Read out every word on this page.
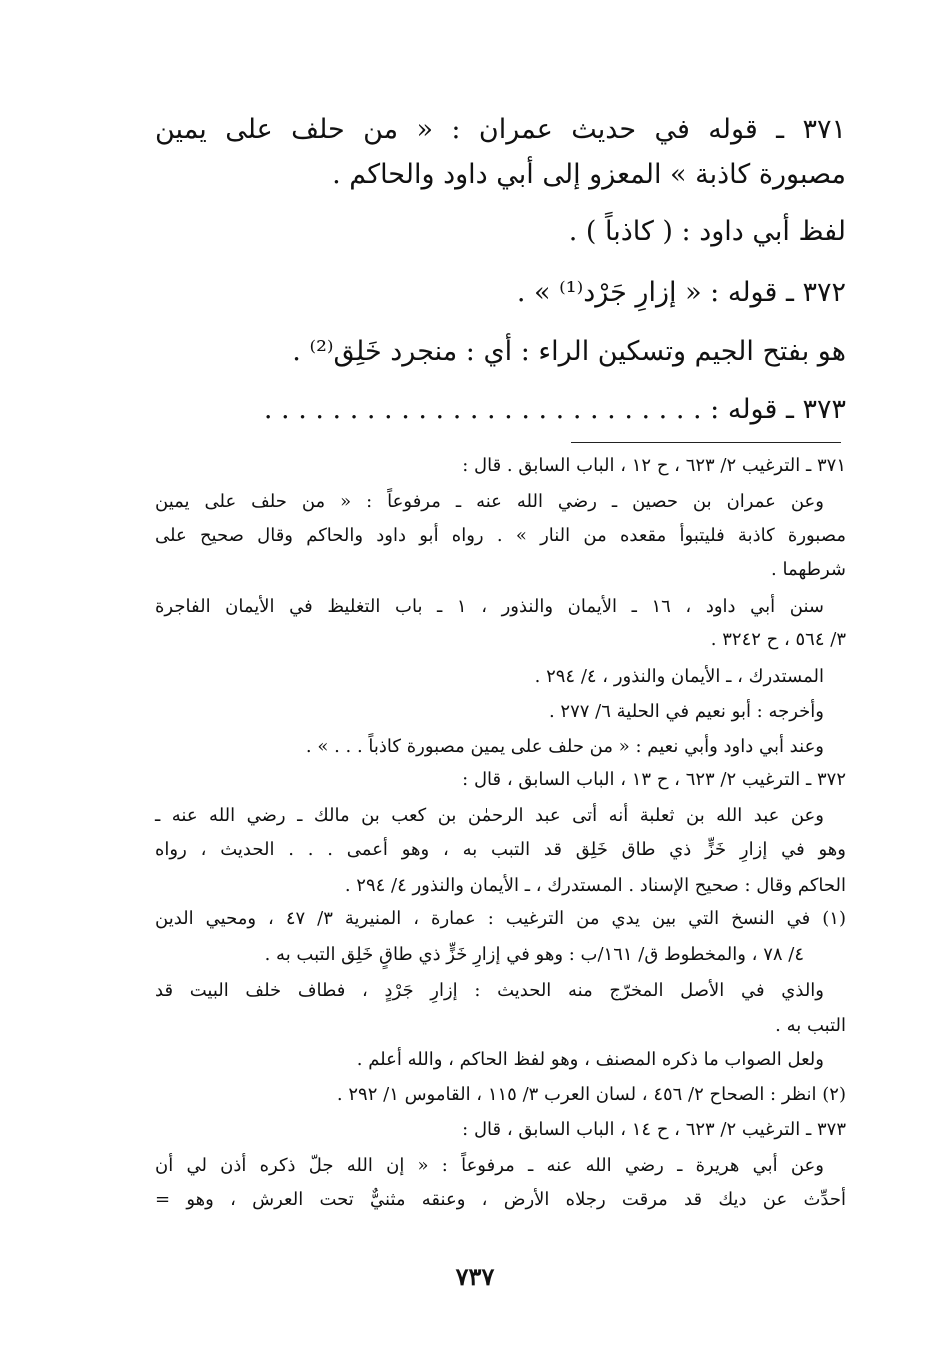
٣٧١ ـ قوله في حديث عمران : « من حلف على يمين
مصبورة كاذبة » المعزو إلى أبي داود والحاكم .
لفظ أبي داود : ( كاذباً ) .
٣٧٢ ـ قوله : « إزارِ جَرْد⁽¹⁾ » .
هو بفتح الجيم وتسكين الراء : أي : منجرد خَلِق⁽²⁾ .
٣٧٣ ـ قوله : . . . . . . . . . . . . . . . . . . . . . . . . . .
٣٧١ ـ الترغيب ٢/ ٦٢٣ ، ح ١٢ ، الباب السابق . قال :
وعن عمران بن حصين ـ رضي الله عنه ـ مرفوعاً : « من حلف على يمين
مصبورة كاذبة فليتبوأ مقعده من النار » . رواه أبو داود والحاكم وقال صحيح على
شرطهما .
سنن أبي داود ، ١٦ ـ الأيمان والنذور ، ١ ـ باب التغليظ في الأيمان الفاجرة
٣/ ٥٦٤ ، ح ٣٢٤٢ .
المستدرك ، ـ الأيمان والنذور ، ٤/ ٢٩٤ .
وأخرجه : أبو نعيم في الحلية ٦/ ٢٧٧ .
وعند أبي داود وأبي نعيم : « من حلف على يمين مصبورة كاذباً . . . » .
٣٧٢ ـ الترغيب ٢/ ٦٢٣ ، ح ١٣ ، الباب السابق ، قال :
وعن عبد الله بن ثعلبة أنه أتى عبد الرحمٰن بن كعب بن مالك ـ رضي الله عنه ـ
وهو في إزارِ خَزٍّ ذي طاق خَلِق قد التبب به ، وهو أعمى . . . الحديث ، رواه
الحاكم وقال : صحيح الإسناد . المستدرك ، ـ الأيمان والنذور ٤/ ٢٩٤ .
(١) في النسخ التي بين يدي من الترغيب : عمارة ، المنيرية ٣/ ٤٧ ، ومحيي الدين
٤/ ٧٨ ، والمخطوط ق/ ١٦١/ب : وهو في إزارِ خَزٍّ ذي طاقٍ خَلِق التبب به .
والذي في الأصل المخرّج منه الحديث : إزارِ جَرْدٍ ، فطاف خلف البيت قد
التبب به .
ولعل الصواب ما ذكره المصنف ، وهو لفظ الحاكم ، والله أعلم .
(٢) انظر : الصحاح ٢/ ٤٥٦ ، لسان العرب ٣/ ١١٥ ، القاموس ١/ ٢٩٢ .
٣٧٣ ـ الترغيب ٢/ ٦٢٣ ، ح ١٤ ، الباب السابق ، قال :
وعن أبي هريرة ـ رضي الله عنه ـ مرفوعاً : « إن الله جلّ ذكره أذن لي أن
أحدِّث عن ديك قد مرقت رجلاه الأرض ، وعنقه مثنيٌّ تحت العرش ، وهو =
٧٣٧
